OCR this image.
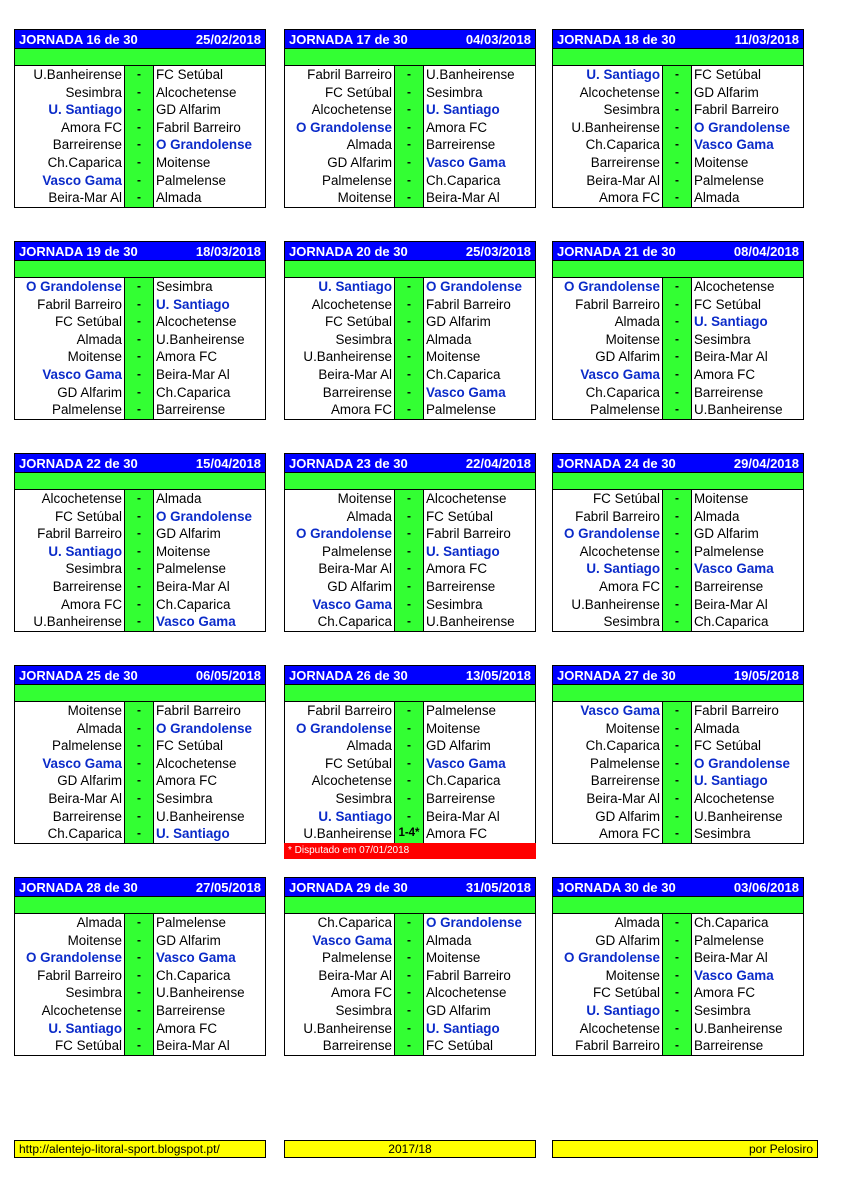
JORNADA 16 de 30	25/02/2018
U.Banheirense	-	FC Setúbal
Sesimbra	-	Alcochetense
U. Santiago	-	GD Alfarim
Amora FC	-	Fabril Barreiro
Barreirense	-	O Grandolense
Ch.Caparica	-	Moitense
Vasco Gama	-	Palmelense
Beira-Mar Al	-	Almada
JORNADA 17 de 30	04/03/2018
Fabril Barreiro	-	U.Banheirense
FC Setúbal	-	Sesimbra
Alcochetense	-	U. Santiago
O Grandolense	-	Amora FC
Almada	-	Barreirense
GD Alfarim	-	Vasco Gama
Palmelense	-	Ch.Caparica
Moitense	-	Beira-Mar Al
JORNADA 18 de 30	11/03/2018
U. Santiago	-	FC Setúbal
Alcochetense	-	GD Alfarim
Sesimbra	-	Fabril Barreiro
U.Banheirense	-	O Grandolense
Ch.Caparica	-	Vasco Gama
Barreirense	-	Moitense
Beira-Mar Al	-	Palmelense
Amora FC	-	Almada
JORNADA 19 de 30	18/03/2018
O Grandolense	-	Sesimbra
Fabril Barreiro	-	U. Santiago
FC Setúbal	-	Alcochetense
Almada	-	U.Banheirense
Moitense	-	Amora FC
Vasco Gama	-	Beira-Mar Al
GD Alfarim	-	Ch.Caparica
Palmelense	-	Barreirense
JORNADA 20 de 30	25/03/2018
U. Santiago	-	O Grandolense
Alcochetense	-	Fabril Barreiro
FC Setúbal	-	GD Alfarim
Sesimbra	-	Almada
U.Banheirense	-	Moitense
Beira-Mar Al	-	Ch.Caparica
Barreirense	-	Vasco Gama
Amora FC	-	Palmelense
JORNADA 21 de 30	08/04/2018
O Grandolense	-	Alcochetense
Fabril Barreiro	-	FC Setúbal
Almada	-	U. Santiago
Moitense	-	Sesimbra
GD Alfarim	-	Beira-Mar Al
Vasco Gama	-	Amora FC
Ch.Caparica	-	Barreirense
Palmelense	-	U.Banheirense
JORNADA 22 de 30	15/04/2018
Alcochetense	-	Almada
FC Setúbal	-	O Grandolense
Fabril Barreiro	-	GD Alfarim
U. Santiago	-	Moitense
Sesimbra	-	Palmelense
Barreirense	-	Beira-Mar Al
Amora FC	-	Ch.Caparica
U.Banheirense	-	Vasco Gama
JORNADA 23 de 30	22/04/2018
Moitense	-	Alcochetense
Almada	-	FC Setúbal
O Grandolense	-	Fabril Barreiro
Palmelense	-	U. Santiago
Beira-Mar Al	-	Amora FC
GD Alfarim	-	Barreirense
Vasco Gama	-	Sesimbra
Ch.Caparica	-	U.Banheirense
JORNADA 24 de 30	29/04/2018
FC Setúbal	-	Moitense
Fabril Barreiro	-	Almada
O Grandolense	-	GD Alfarim
Alcochetense	-	Palmelense
U. Santiago	-	Vasco Gama
Amora FC	-	Barreirense
U.Banheirense	-	Beira-Mar Al
Sesimbra	-	Ch.Caparica
JORNADA 25 de 30	06/05/2018
Moitense	-	Fabril Barreiro
Almada	-	O Grandolense
Palmelense	-	FC Setúbal
Vasco Gama	-	Alcochetense
GD Alfarim	-	Amora FC
Beira-Mar Al	-	Sesimbra
Barreirense	-	U.Banheirense
Ch.Caparica	-	U. Santiago
JORNADA 26 de 30	13/05/2018
Fabril Barreiro	-	Palmelense
O Grandolense	-	Moitense
Almada	-	GD Alfarim
FC Setúbal	-	Vasco Gama
Alcochetense	-	Ch.Caparica
Sesimbra	-	Barreirense
U. Santiago	-	Beira-Mar Al
U.Banheirense 1-4* Amora FC
* Disputado em 07/01/2018
JORNADA 27 de 30	19/05/2018
Vasco Gama	-	Fabril Barreiro
Moitense	-	Almada
Ch.Caparica	-	FC Setúbal
Palmelense	-	O Grandolense
Barreirense	-	U. Santiago
Beira-Mar Al	-	Alcochetense
GD Alfarim	-	U.Banheirense
Amora FC	-	Sesimbra
JORNADA 28 de 30	27/05/2018
Almada	-	Palmelense
Moitense	-	GD Alfarim
O Grandolense	-	Vasco Gama
Fabril Barreiro	-	Ch.Caparica
Sesimbra	-	U.Banheirense
Alcochetense	-	Barreirense
U. Santiago	-	Amora FC
FC Setúbal	-	Beira-Mar Al
JORNADA 29 de 30	31/05/2018
Ch.Caparica	-	O Grandolense
Vasco Gama	-	Almada
Palmelense	-	Moitense
Beira-Mar Al	-	Fabril Barreiro
Amora FC	-	Alcochetense
Sesimbra	-	GD Alfarim
U.Banheirense	-	U. Santiago
Barreirense	-	FC Setúbal
JORNADA 30 de 30	03/06/2018
Almada	-	Ch.Caparica
GD Alfarim	-	Palmelense
O Grandolense	-	Beira-Mar Al
Moitense	-	Vasco Gama
FC Setúbal	-	Amora FC
U. Santiago	-	Sesimbra
Alcochetense	-	U.Banheirense
Fabril Barreiro	-	Barreirense
http://alentejo-litoral-sport.blogspot.pt/	2017/18	por Pelosiro
